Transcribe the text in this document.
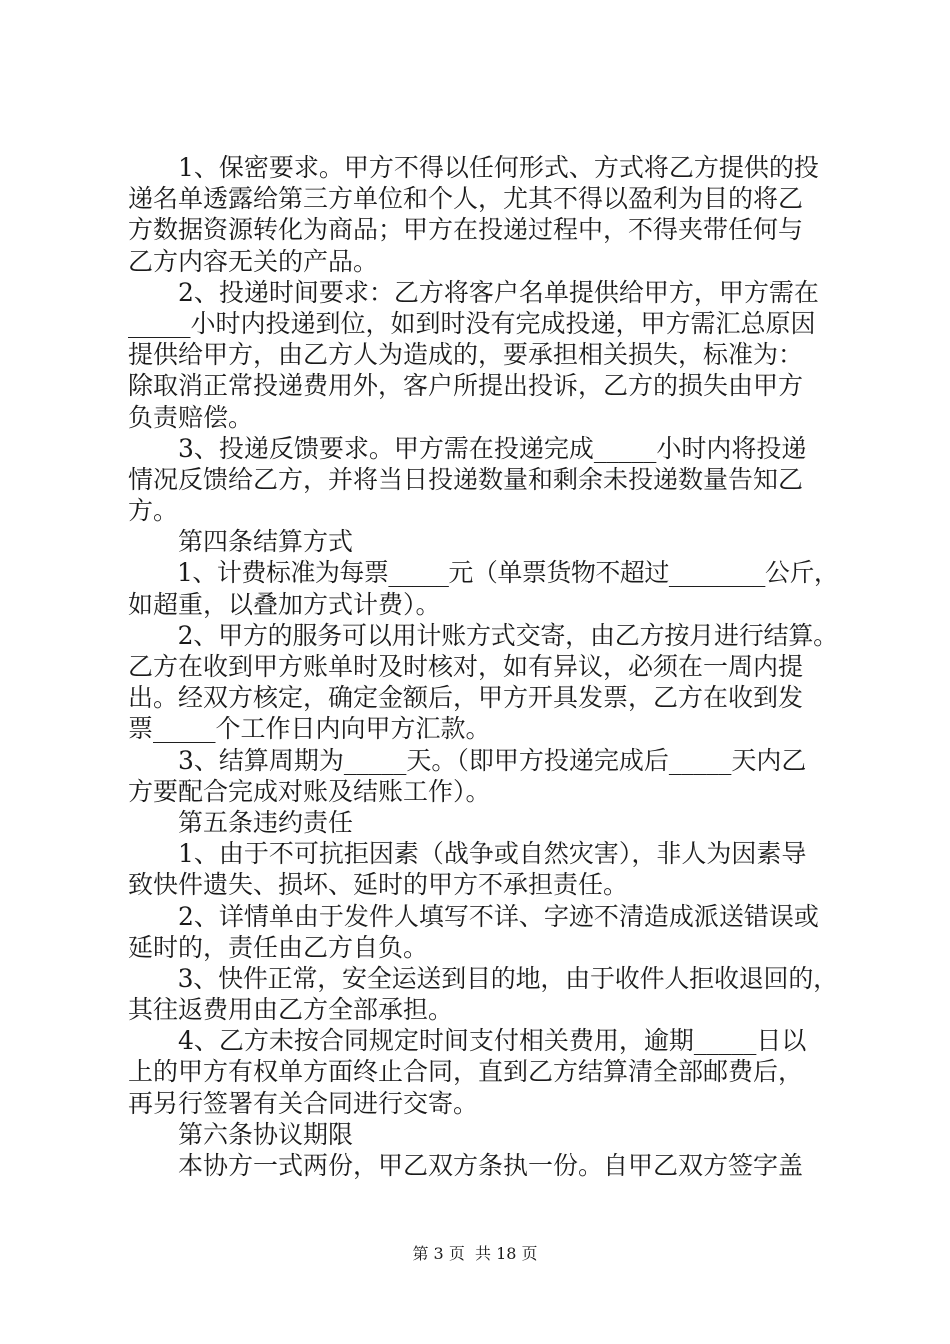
　　1、保密要求。甲方不得以任何形式、方式将乙方提供的投
递名单透露给第三方单位和个人，尤其不得以盈利为目的将乙
方数据资源转化为商品；甲方在投递过程中，不得夹带任何与
乙方内容无关的产品。
　　2、投递时间要求：乙方将客户名单提供给甲方，甲方需在
_____小时内投递到位，如到时没有完成投递，甲方需汇总原因
提供给甲方，由乙方人为造成的，要承担相关损失，标准为：
除取消正常投递费用外，客户所提出投诉，乙方的损失由甲方
负责赔偿。
　　3、投递反馈要求。甲方需在投递完成_____小时内将投递
情况反馈给乙方，并将当日投递数量和剩余未投递数量告知乙
方。
　　第四条结算方式
　　1、计费标准为每票_____元（单票货物不超过________公斤，
如超重，以叠加方式计费）。
　　2、甲方的服务可以用计账方式交寄，由乙方按月进行结算。
乙方在收到甲方账单时及时核对，如有异议，必须在一周内提
出。经双方核定，确定金额后，甲方开具发票，乙方在收到发
票_____个工作日内向甲方汇款。
　　3、结算周期为_____天。（即甲方投递完成后_____天内乙
方要配合完成对账及结账工作）。
　　第五条违约责任
　　1、由于不可抗拒因素（战争或自然灾害），非人为因素导
致快件遗失、损坏、延时的甲方不承担责任。
　　2、详情单由于发件人填写不详、字迹不清造成派送错误或
延时的，责任由乙方自负。
　　3、快件正常，安全运送到目的地，由于收件人拒收退回的，
其往返费用由乙方全部承担。
　　4、乙方未按合同规定时间支付相关费用，逾期_____日以
上的甲方有权单方面终止合同，直到乙方结算清全部邮费后，
再另行签署有关合同进行交寄。
　　第六条协议期限
　　本协方一式两份，甲乙双方条执一份。自甲乙双方签字盖
第 3 页  共 18 页
